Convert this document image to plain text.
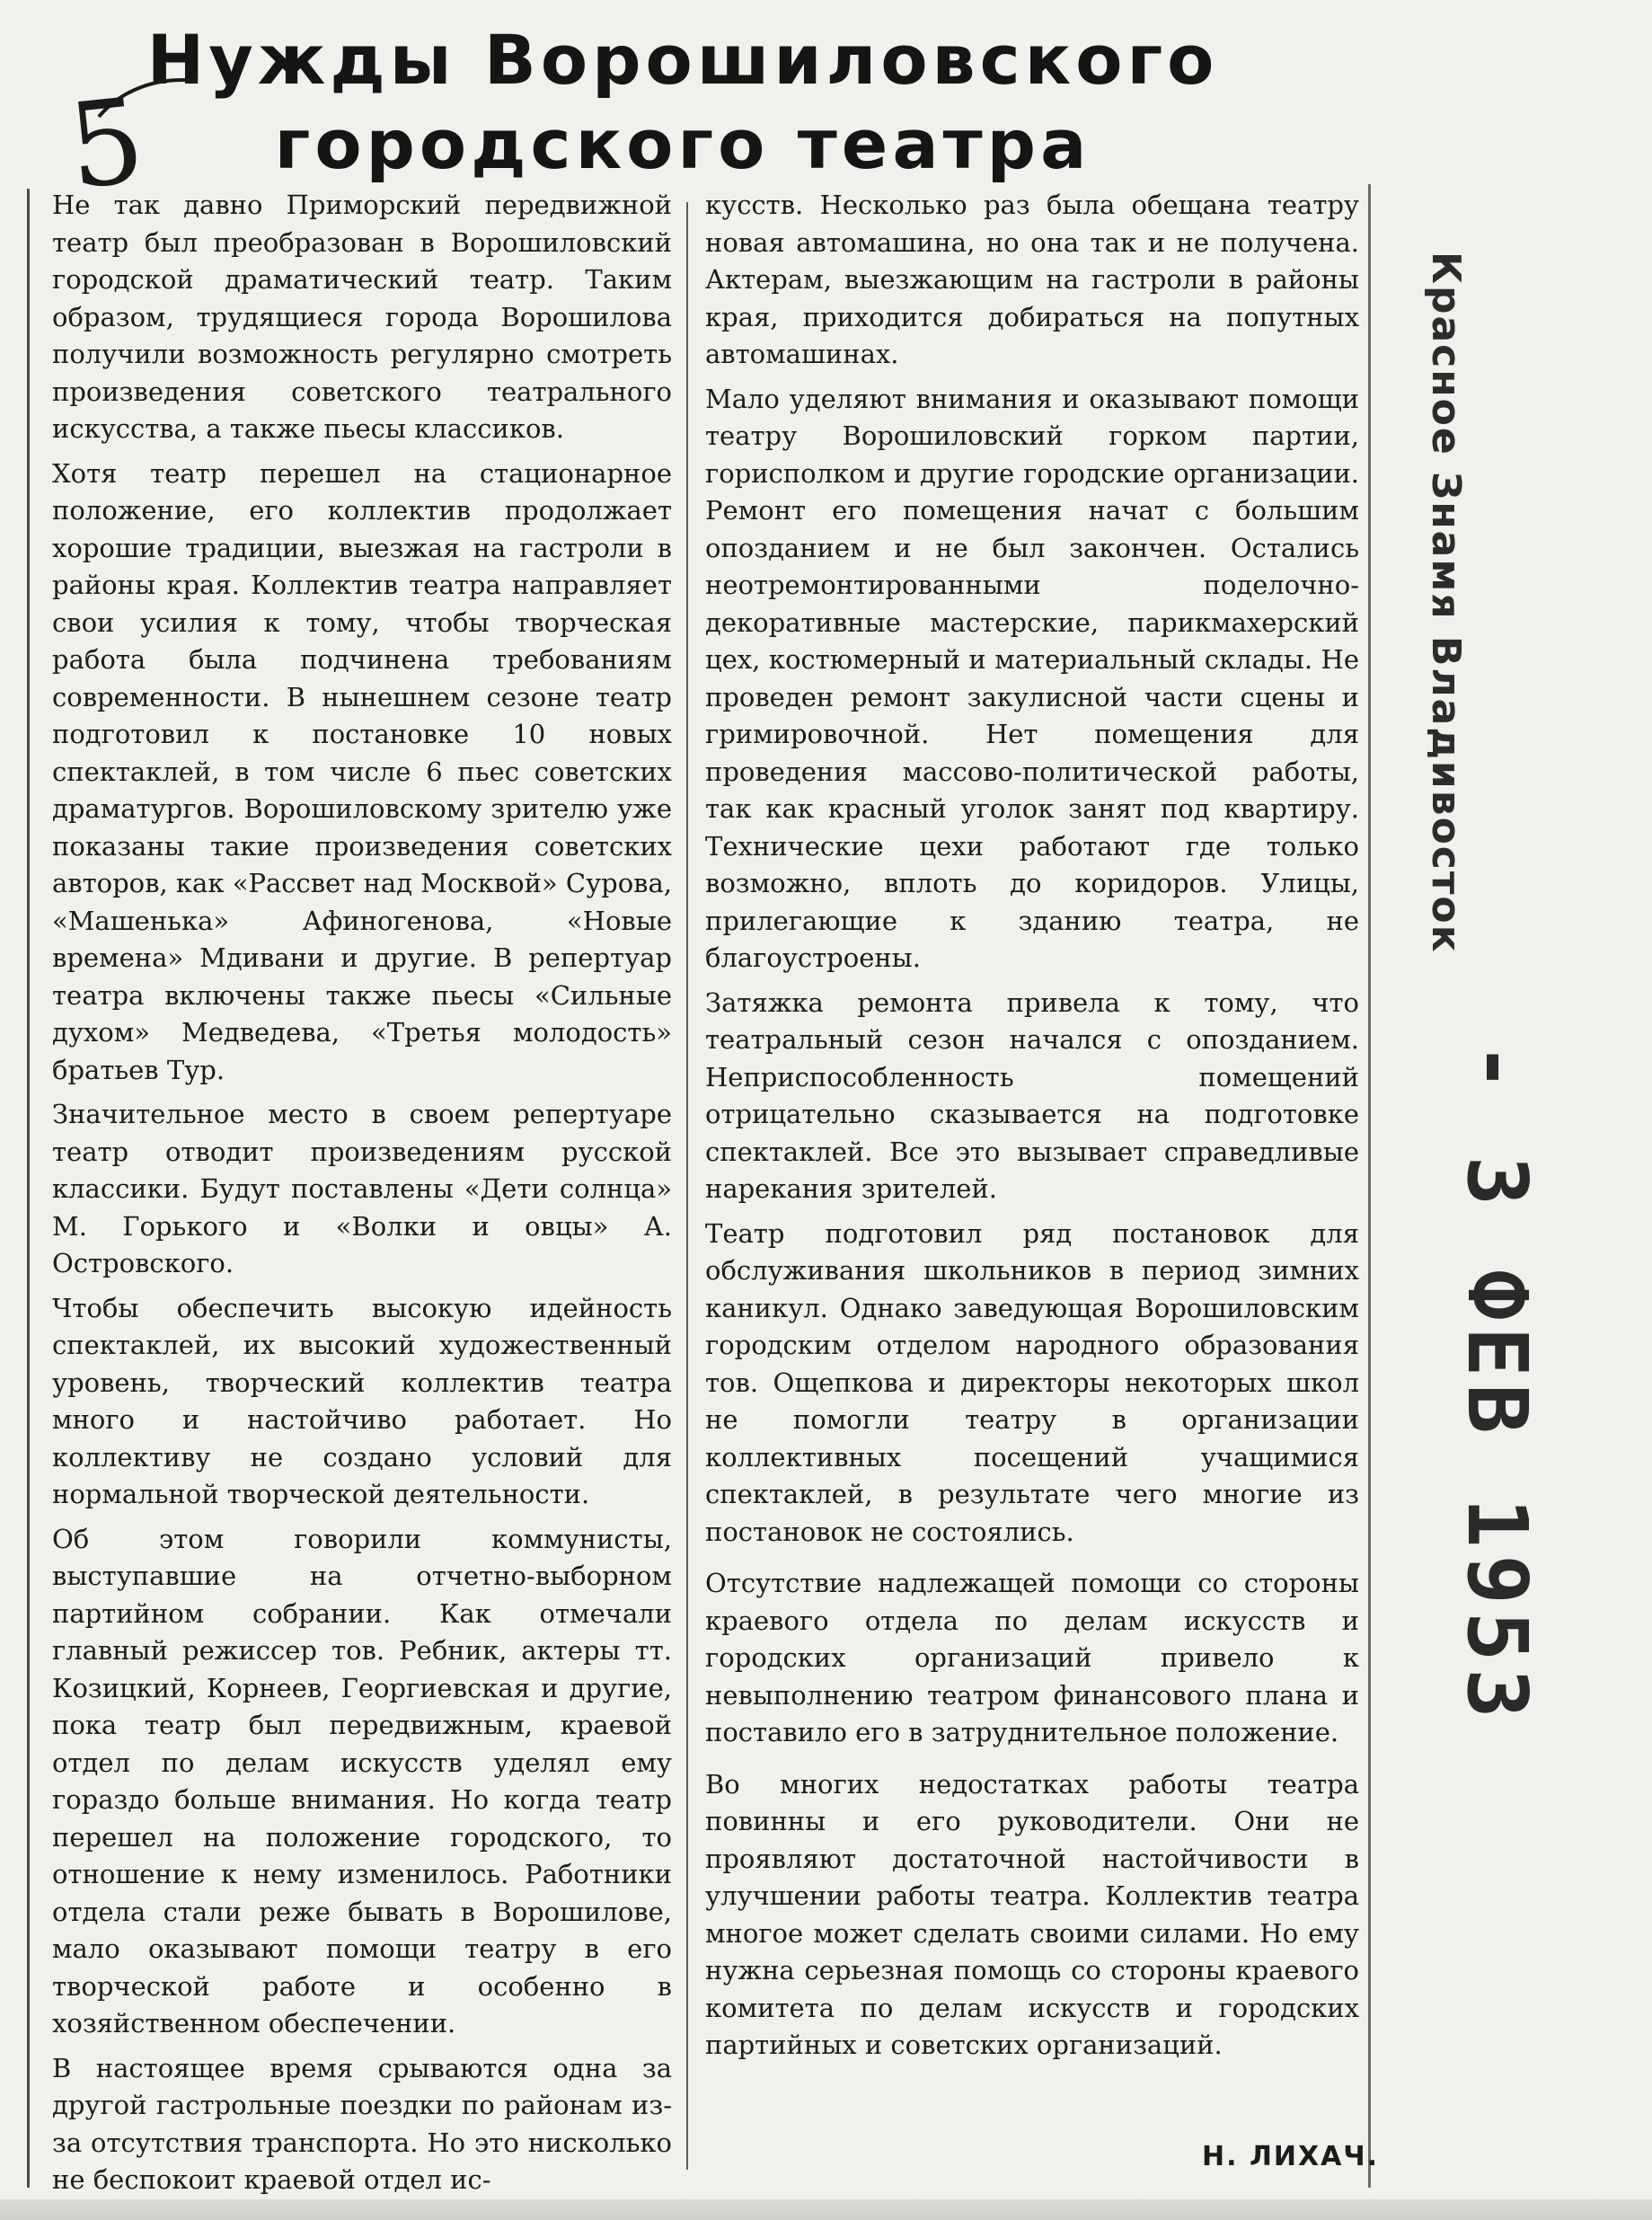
Нужды Ворошиловского
городского театра
5

Не так давно Приморский передвижной театр был преобразован в Ворошиловский городской драматический театр. Таким образом, трудящиеся города Ворошилова получили возможность регулярно смотреть произведения советского театрального искусства, а также пьесы классиков.

Хотя театр перешел на стационарное положение, его коллектив продолжает хорошие традиции, выезжая на гастроли в районы края. Коллектив театра направляет свои усилия к тому, чтобы творческая работа была подчинена требованиям современности. В нынешнем сезоне театр подготовил к постановке 10 новых спектаклей, в том числе 6 пьес советских драматургов. Ворошиловскому зрителю уже показаны такие произведения советских авторов, как «Рассвет над Москвой» Сурова, «Машенька» Афиногенова, «Новые времена» Мдивани и другие. В репертуар театра включены также пьесы «Сильные духом» Медведева, «Третья молодость» братьев Тур.

Значительное место в своем репертуаре театр отводит произведениям русской классики. Будут поставлены «Дети солнца» М. Горького и «Волки и овцы» А. Островского.

Чтобы обеспечить высокую идейность спектаклей, их высокий художественный уровень, творческий коллектив театра много и настойчиво работает. Но коллективу не создано условий для нормальной творческой деятельности.

Об этом говорили коммунисты, выступавшие на отчетно-выборном партийном собрании. Как отмечали главный режиссер тов. Ребник, актеры тт. Козицкий, Корнеев, Георгиевская и другие, пока театр был передвижным, краевой отдел по делам искусств уделял ему гораздо больше внимания. Но когда театр перешел на положение городского, то отношение к нему изменилось. Работники отдела стали реже бывать в Ворошилове, мало оказывают помощи театру в его творческой работе и особенно в хозяйственном обеспечении.

В настоящее время срываются одна за другой гастрольные поездки по районам из-за отсутствия транспорта. Но это нисколько не беспокоит краевой отдел ис-

кусств. Несколько раз была обещана театру новая автомашина, но она так и не получена. Актерам, выезжающим на гастроли в районы края, приходится добираться на попутных автомашинах.

Мало уделяют внимания и оказывают помощи театру Ворошиловский горком партии, горисполком и другие городские организации. Ремонт его помещения начат с большим опозданием и не был закончен. Остались неотремонтированными поделочно-декоративные мастерские, парикмахерский цех, костюмерный и материальный склады. Не проведен ремонт закулисной части сцены и гримировочной. Нет помещения для проведения массово-политической работы, так как красный уголок занят под квартиру. Технические цехи работают где только возможно, вплоть до коридоров. Улицы, прилегающие к зданию театра, не благоустроены.

Затяжка ремонта привела к тому, что театральный сезон начался с опозданием. Неприспособленность помещений отрицательно сказывается на подготовке спектаклей. Все это вызывает справедливые нарекания зрителей.

Театр подготовил ряд постановок для обслуживания школьников в период зимних каникул. Однако заведующая Ворошиловским городским отделом народного образования тов. Ощепкова и директоры некоторых школ не помогли театру в организации коллективных посещений учащимися спектаклей, в результате чего многие из постановок не состоялись.

Отсутствие надлежащей помощи со стороны краевого отдела по делам искусств и городских организаций привело к невыполнению театром финансового плана и поставило его в затруднительное положение.

Во многих недостатках работы театра повинны и его руководители. Они не проявляют достаточной настойчивости в улучшении работы театра. Коллектив театра многое может сделать своими силами. Но ему нужна серьезная помощь со стороны краевого комитета по делам искусств и городских партийных и советских организаций.

Н. ЛИХАЧ.
Красное Знамя Владивосток
- 3 ФЕВ 1953
